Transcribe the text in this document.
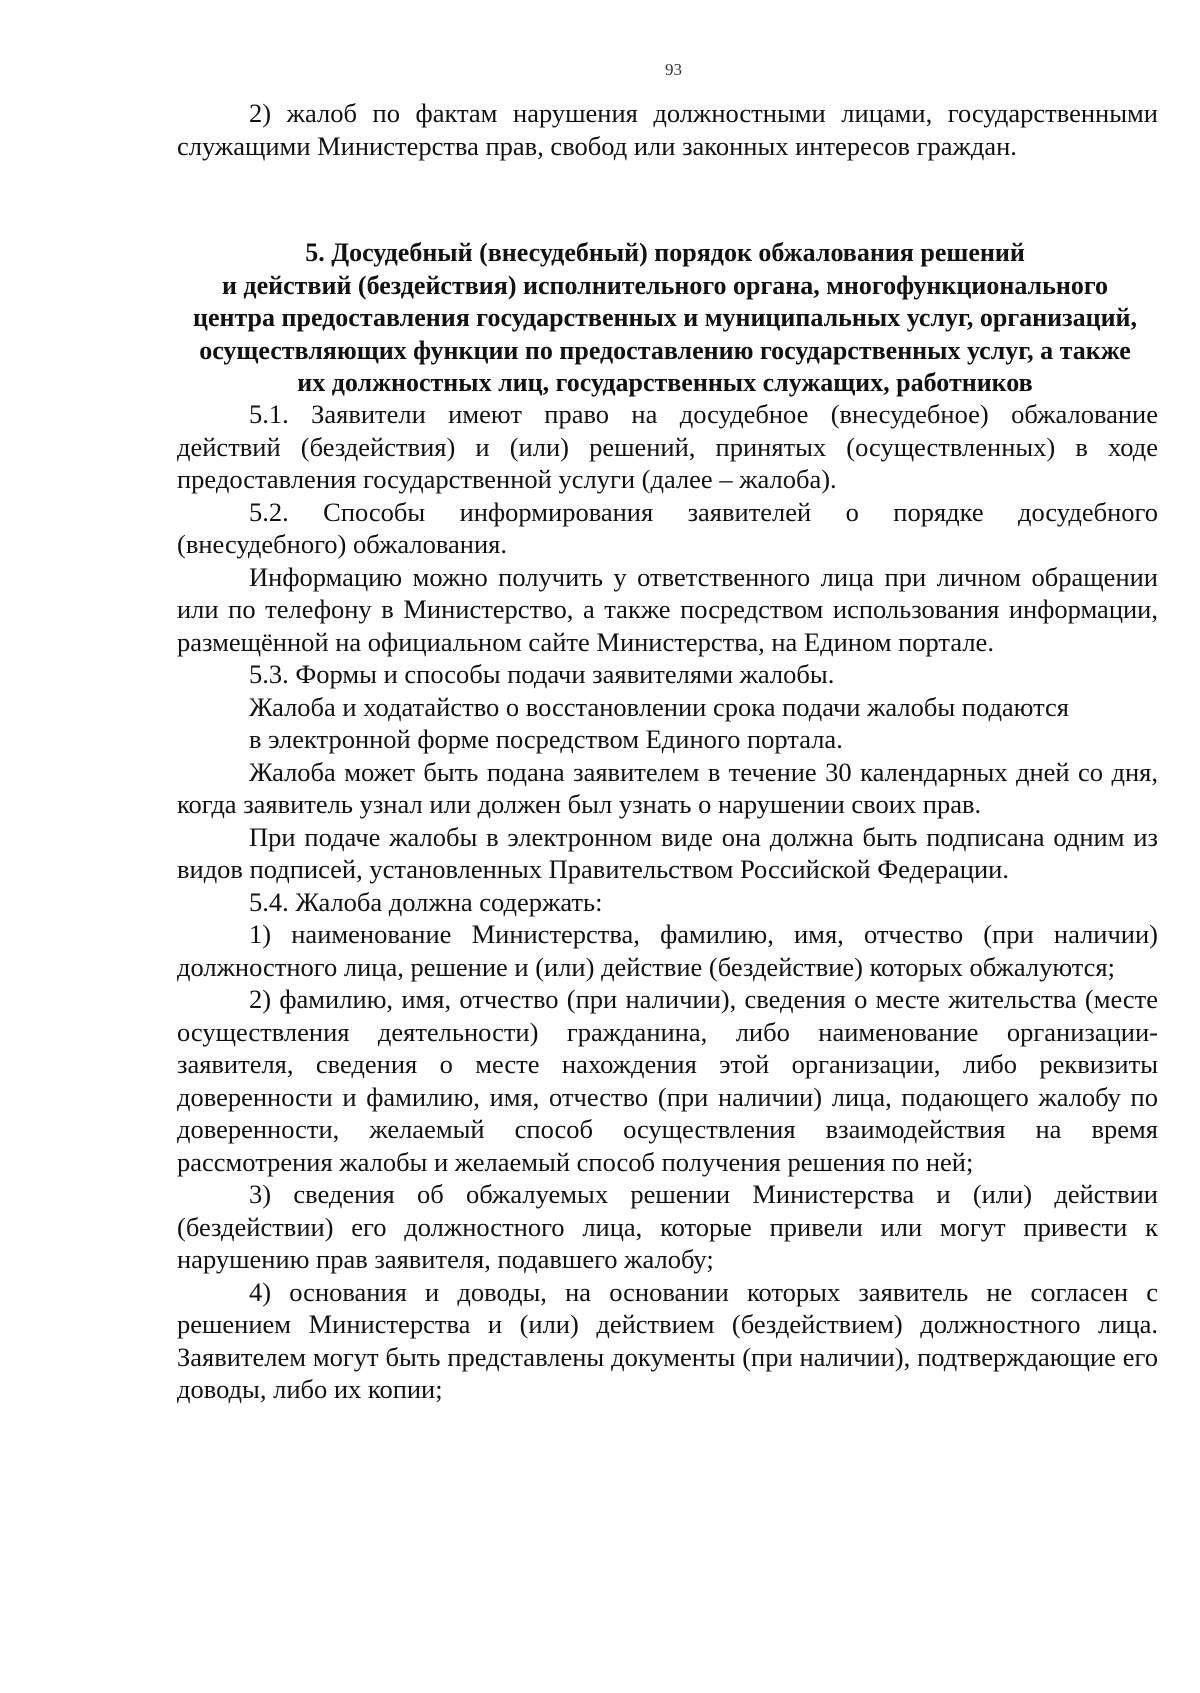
93

2) жалоб по фактам нарушения должностными лицами, государственными служащими Министерства прав, свобод или законных интересов граждан.

5. Досудебный (внесудебный) порядок обжалования решений
и действий (бездействия) исполнительного органа, многофункционального
центра предоставления государственных и муниципальных услуг, организаций,
осуществляющих функции по предоставлению государственных услуг, а также
их должностных лиц, государственных служащих, работников

5.1. Заявители имеют право на досудебное (внесудебное) обжалование действий (бездействия) и (или) решений, принятых (осуществленных) в ходе предоставления государственной услуги (далее – жалоба).

5.2. Способы информирования заявителей о порядке досудебного (внесудебного) обжалования.

Информацию можно получить у ответственного лица при личном обращении или по телефону в Министерство, а также посредством использования информации, размещённой на официальном сайте Министерства, на Едином портале.

5.3. Формы и способы подачи заявителями жалобы.

Жалоба и ходатайство о восстановлении срока подачи жалобы подаются

в электронной форме посредством Единого портала.

Жалоба может быть подана заявителем в течение 30 календарных дней со дня, когда заявитель узнал или должен был узнать о нарушении своих прав.

При подаче жалобы в электронном виде она должна быть подписана одним из видов подписей, установленных Правительством Российской Федерации.

5.4. Жалоба должна содержать:

1) наименование Министерства, фамилию, имя, отчество (при наличии) должностного лица, решение и (или) действие (бездействие) которых обжалуются;

2) фамилию, имя, отчество (при наличии), сведения о месте жительства (месте осуществления деятельности) гражданина, либо наименование организации-заявителя, сведения о месте нахождения этой организации, либо реквизиты доверенности и фамилию, имя, отчество (при наличии) лица, подающего жалобу по доверенности, желаемый способ осуществления взаимодействия на время рассмотрения жалобы и желаемый способ получения решения по ней;

3) сведения об обжалуемых решении Министерства и (или) действии (бездействии) его должностного лица, которые привели или могут привести к нарушению прав заявителя, подавшего жалобу;

4) основания и доводы, на основании которых заявитель не согласен с решением Министерства и (или) действием (бездействием) должностного лица. Заявителем могут быть представлены документы (при наличии), подтверждающие его доводы, либо их копии;
